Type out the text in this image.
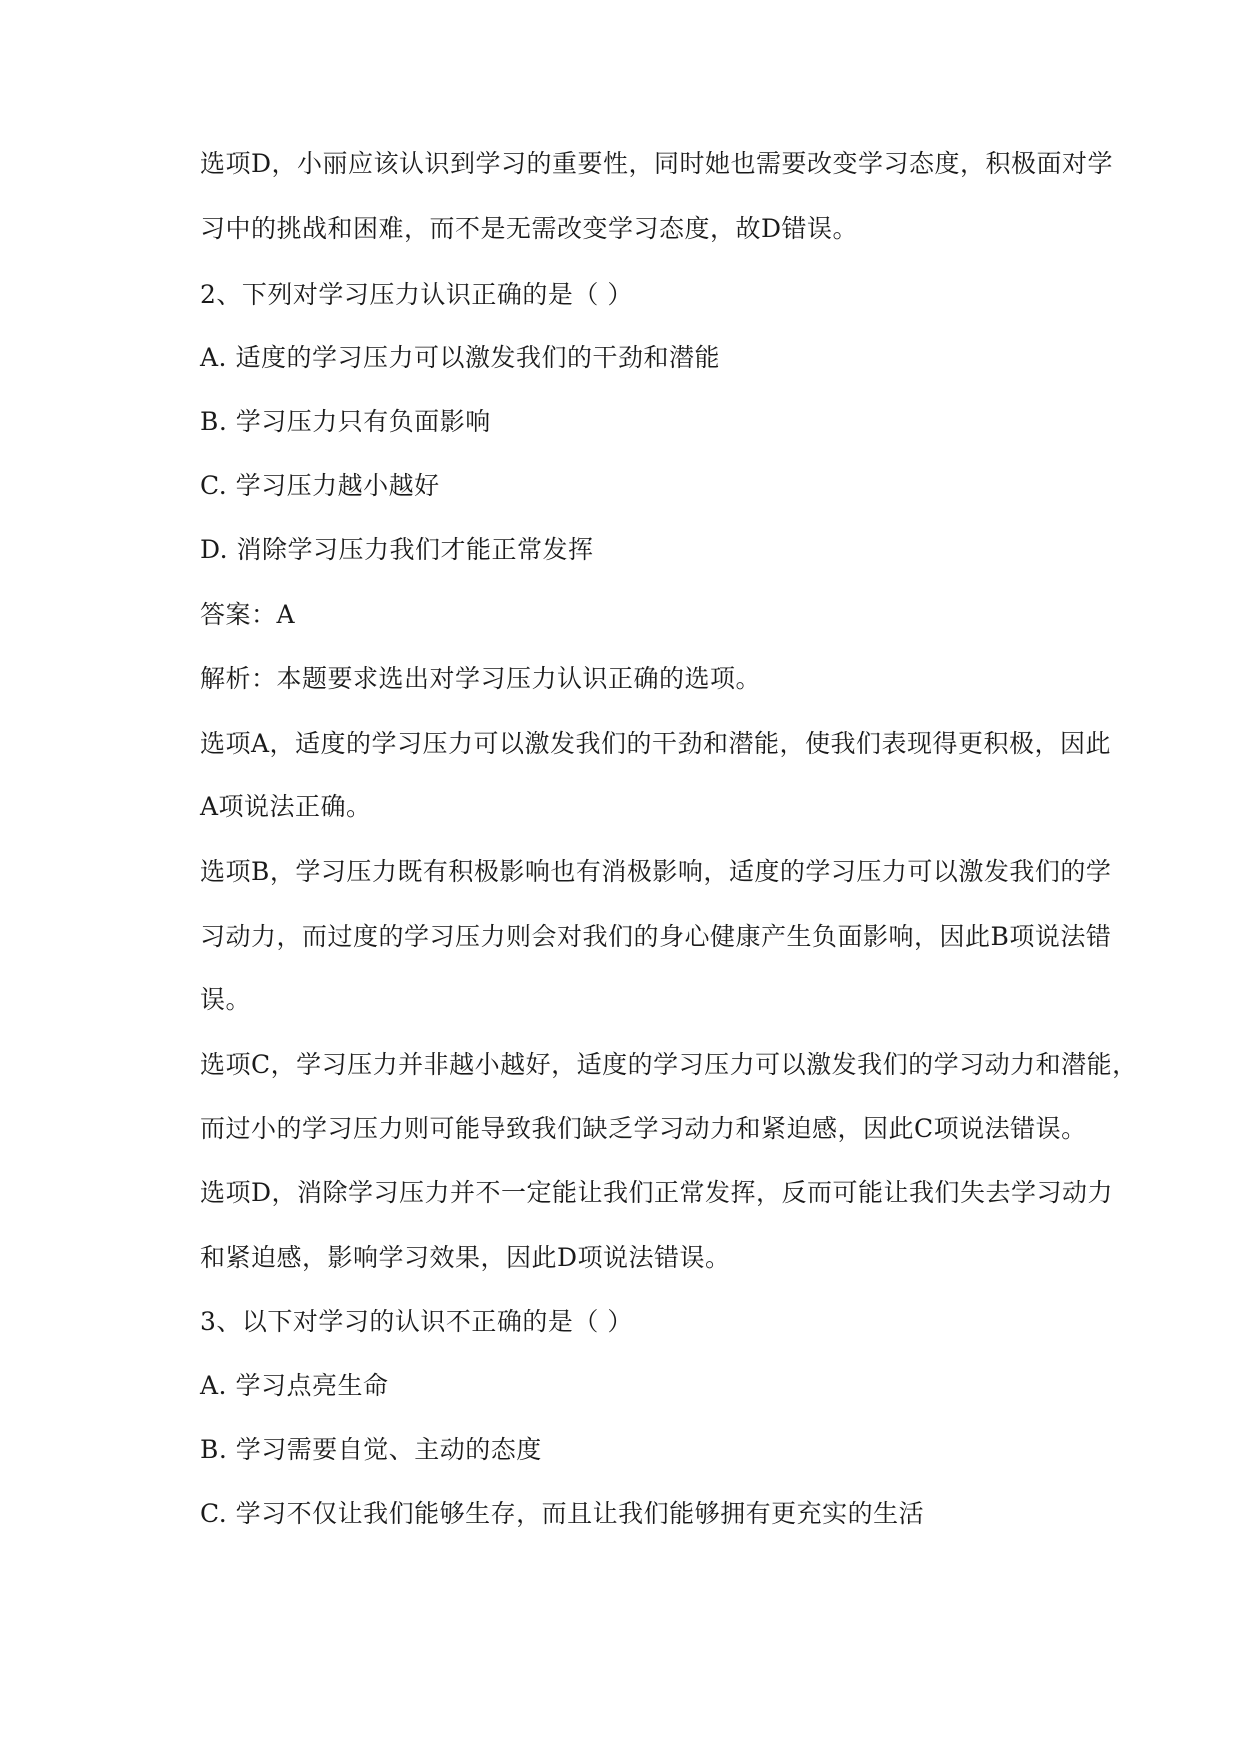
选项D，小丽应该认识到学习的重要性，同时她也需要改变学习态度，积极面对学
习中的挑战和困难，而不是无需改变学习态度，故D错误。
2、下列对学习压力认识正确的是（ ）
A. 适度的学习压力可以激发我们的干劲和潜能
B. 学习压力只有负面影响
C. 学习压力越小越好
D. 消除学习压力我们才能正常发挥
答案：A
解析：本题要求选出对学习压力认识正确的选项。
选项A，适度的学习压力可以激发我们的干劲和潜能，使我们表现得更积极，因此
A项说法正确。
选项B，学习压力既有积极影响也有消极影响，适度的学习压力可以激发我们的学
习动力，而过度的学习压力则会对我们的身心健康产生负面影响，因此B项说法错
误。
选项C，学习压力并非越小越好，适度的学习压力可以激发我们的学习动力和潜能，
而过小的学习压力则可能导致我们缺乏学习动力和紧迫感，因此C项说法错误。
选项D，消除学习压力并不一定能让我们正常发挥，反而可能让我们失去学习动力
和紧迫感，影响学习效果，因此D项说法错误。
3、以下对学习的认识不正确的是（ ）
A. 学习点亮生命
B. 学习需要自觉、主动的态度
C. 学习不仅让我们能够生存，而且让我们能够拥有更充实的生活
